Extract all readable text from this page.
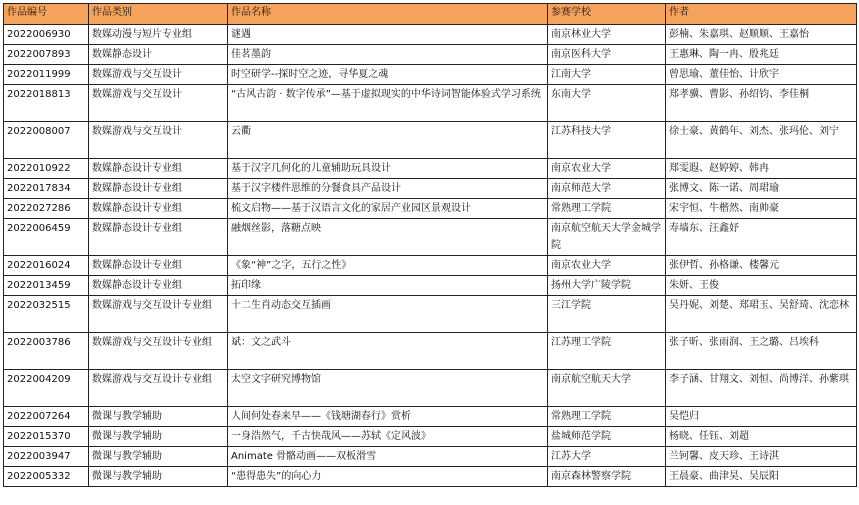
作品编号	作品类别	作品名称	参赛学校	作者
2022006930	数媒动漫与短片专业组	谜遇	南京林业大学	彭楠、朱嘉琪、赵顺顺、王嘉怡
2022007893	数媒静态设计	佳茗墨韵	南京医科大学	王惠琳、陶一冉、殷兆廷
2022011999	数媒游戏与交互设计	时空研学--探时空之迹，寻华夏之魂	江南大学	曾思瑜、董佳怡、计欣宇
2022018813	数媒游戏与交互设计	“古风古韵 · 数字传承”—基于虚拟现实的中华诗词智能体验式学习系统	东南大学	郑孝骥、曹影、孙绍钧、李佳桐
2022008007	数媒游戏与交互设计	云衢	江苏科技大学	徐士豪、黄鹤年、刘杰、张玛伦、刘宁
2022010922	数媒静态设计专业组	基于汉字几何化的儿童辅助玩具设计	南京农业大学	郑雯遐、赵婷婷、韩冉
2022017834	数媒静态设计专业组	基于汉字楼件思维的分餐食具产品设计	南京师范大学	张博文、陈一诺、周珺瑜
2022027286	数媒静态设计专业组	梳文启物——基于汉语言文化的家居产业园区景观设计	常熟理工学院	宋宇恒、牛楷然、南帅豪
2022006459	数媒静态设计专业组	融烟丝影，落糖点映	南京航空航天大学金城学院	寿墙东、汪鑫妤
2022016024	数媒静态设计专业组	《象“神”之字，五行之性》	南京农业大学	张伊哲、孙格谦、楼馨元
2022013459	数媒静态设计专业组	拓印缘	扬州大学广陵学院	朱妍、王俊
2022032515	数媒游戏与交互设计专业组	十二生肖动态交互插画	三江学院	吴丹妮、刘楚、郑珺玉、吴舒琦、沈恋林
2022003786	数媒游戏与交互设计专业组	斌：文之武斗	江苏理工学院	张子昕、张雨润、王之璐、吕埃科
2022004209	数媒游戏与交互设计专业组	太空文字研究博物馆	南京航空航天大学	李子涵、甘翔文、刘恒、尚博洋、孙紫琪
2022007264	微课与教学辅助	人间何处春来早——《钱塘湖春行》赏析	常熟理工学院	吴恺归
2022015370	微课与教学辅助	一身浩然气，千古快哉风——苏轼《定风波》	盐城师范学院	杨晓、任钰、刘超
2022003947	微课与教学辅助	Animate 骨骼动画——双板滑雪	江苏大学	兰钶馨、皮天珍、王诗淇
2022005332	微课与教学辅助	“患得患失”的向心力	南京森林警察学院	王晨豪、曲津昊、吴辰阳
